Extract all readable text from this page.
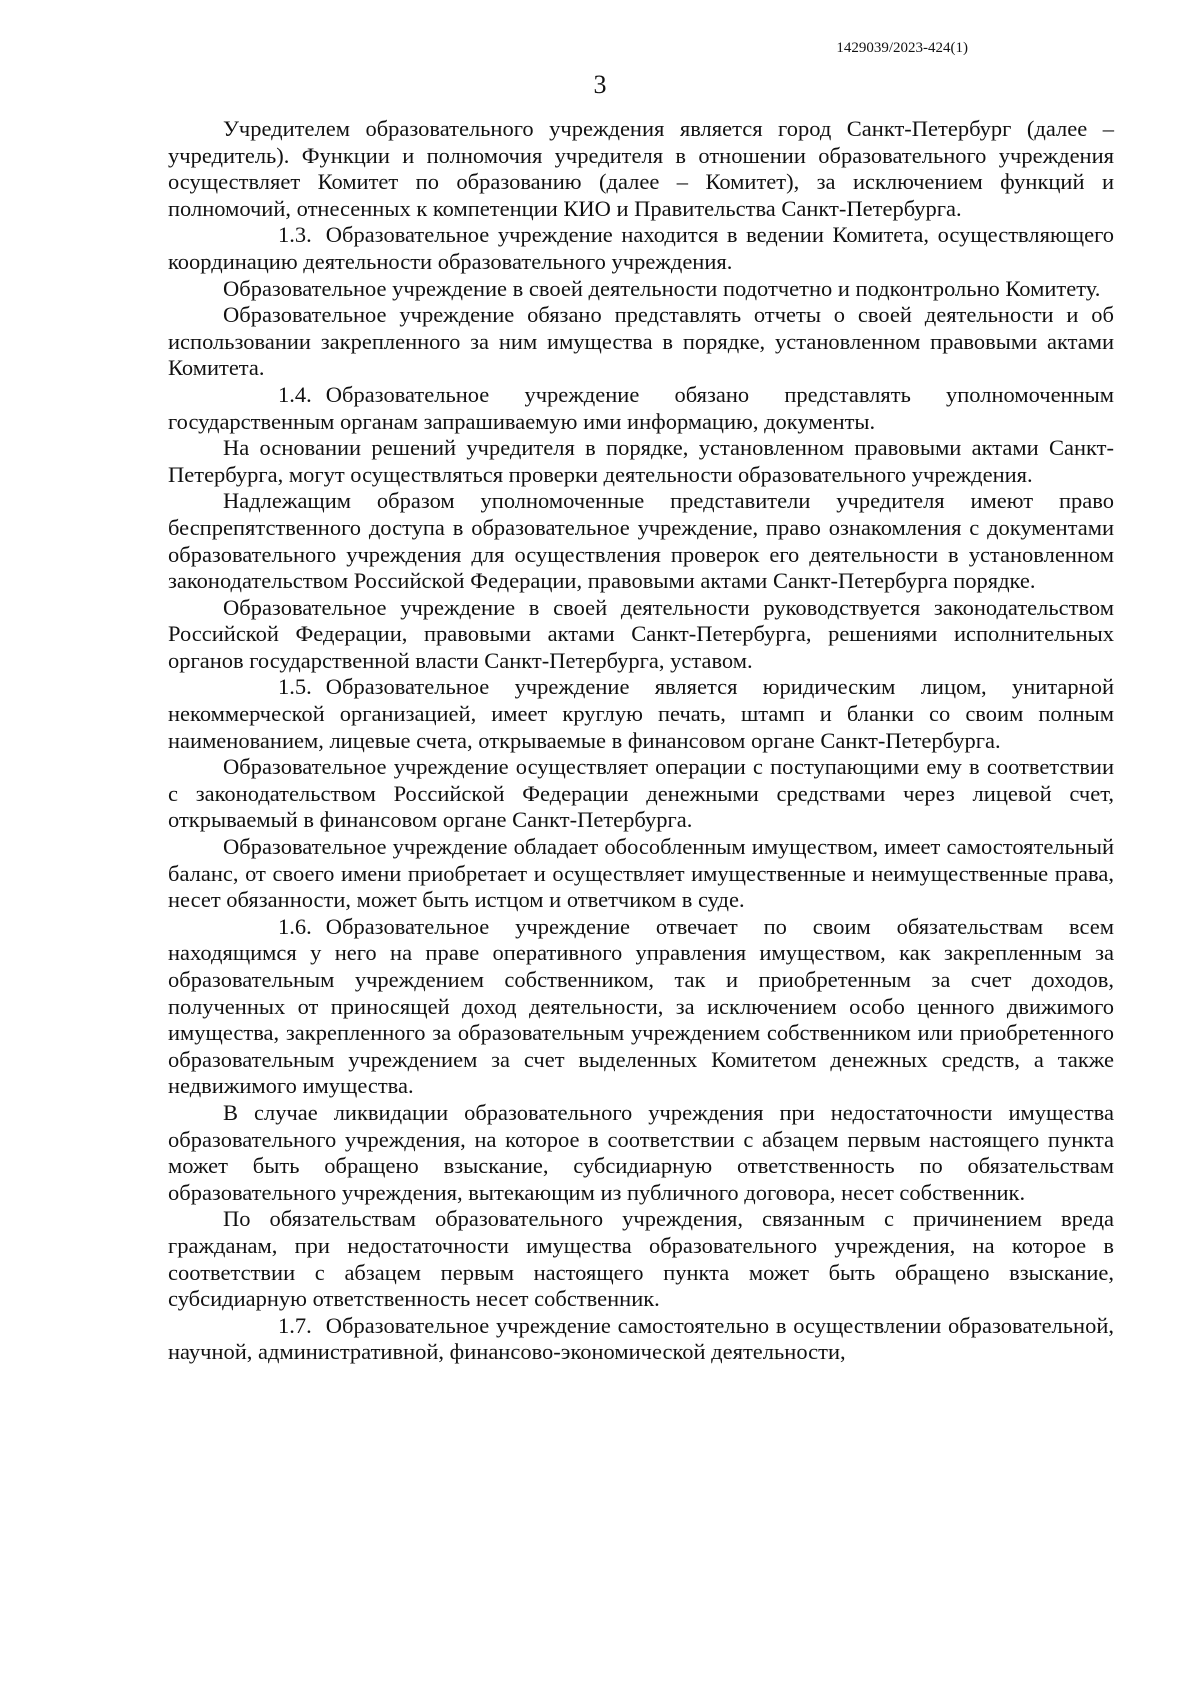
1429039/2023-424(1)
3

Учредителем образовательного учреждения является город Санкт-Петербург (далее – учредитель). Функции и полномочия учредителя в отношении образовательного учреждения осуществляет Комитет по образованию (далее – Комитет), за исключением функций и полномочий, отнесенных к компетенции КИО и Правительства Санкт-Петербурга.

1.3. Образовательное учреждение находится в ведении Комитета, осуществляющего координацию деятельности образовательного учреждения.

Образовательное учреждение в своей деятельности подотчетно и подконтрольно Комитету.

Образовательное учреждение обязано представлять отчеты о своей деятельности и об использовании закрепленного за ним имущества в порядке, установленном правовыми актами Комитета.

1.4. Образовательное учреждение обязано представлять уполномоченным государственным органам запрашиваемую ими информацию, документы.

На основании решений учредителя в порядке, установленном правовыми актами Санкт-Петербурга, могут осуществляться проверки деятельности образовательного учреждения.

Надлежащим образом уполномоченные представители учредителя имеют право беспрепятственного доступа в образовательное учреждение, право ознакомления с документами образовательного учреждения для осуществления проверок его деятельности в установленном законодательством Российской Федерации, правовыми актами Санкт-Петербурга порядке.

Образовательное учреждение в своей деятельности руководствуется законодательством Российской Федерации, правовыми актами Санкт-Петербурга, решениями исполнительных органов государственной власти Санкт-Петербурга, уставом.

1.5. Образовательное учреждение является юридическим лицом, унитарной некоммерческой организацией, имеет круглую печать, штамп и бланки со своим полным наименованием, лицевые счета, открываемые в финансовом органе Санкт-Петербурга.

Образовательное учреждение осуществляет операции с поступающими ему в соответствии с законодательством Российской Федерации денежными средствами через лицевой счет, открываемый в финансовом органе Санкт-Петербурга.

Образовательное учреждение обладает обособленным имуществом, имеет самостоятельный баланс, от своего имени приобретает и осуществляет имущественные и неимущественные права, несет обязанности, может быть истцом и ответчиком в суде.

1.6. Образовательное учреждение отвечает по своим обязательствам всем находящимся у него на праве оперативного управления имуществом, как закрепленным за образовательным учреждением собственником, так и приобретенным за счет доходов, полученных от приносящей доход деятельности, за исключением особо ценного движимого имущества, закрепленного за образовательным учреждением собственником или приобретенного образовательным учреждением за счет выделенных Комитетом денежных средств, а также недвижимого имущества.

В случае ликвидации образовательного учреждения при недостаточности имущества образовательного учреждения, на которое в соответствии с абзацем первым настоящего пункта может быть обращено взыскание, субсидиарную ответственность по обязательствам образовательного учреждения, вытекающим из публичного договора, несет собственник.

По обязательствам образовательного учреждения, связанным с причинением вреда гражданам, при недостаточности имущества образовательного учреждения, на которое в соответствии с абзацем первым настоящего пункта может быть обращено взыскание, субсидиарную ответственность несет собственник.

1.7. Образовательное учреждение самостоятельно в осуществлении образовательной, научной, административной, финансово-экономической деятельности,
